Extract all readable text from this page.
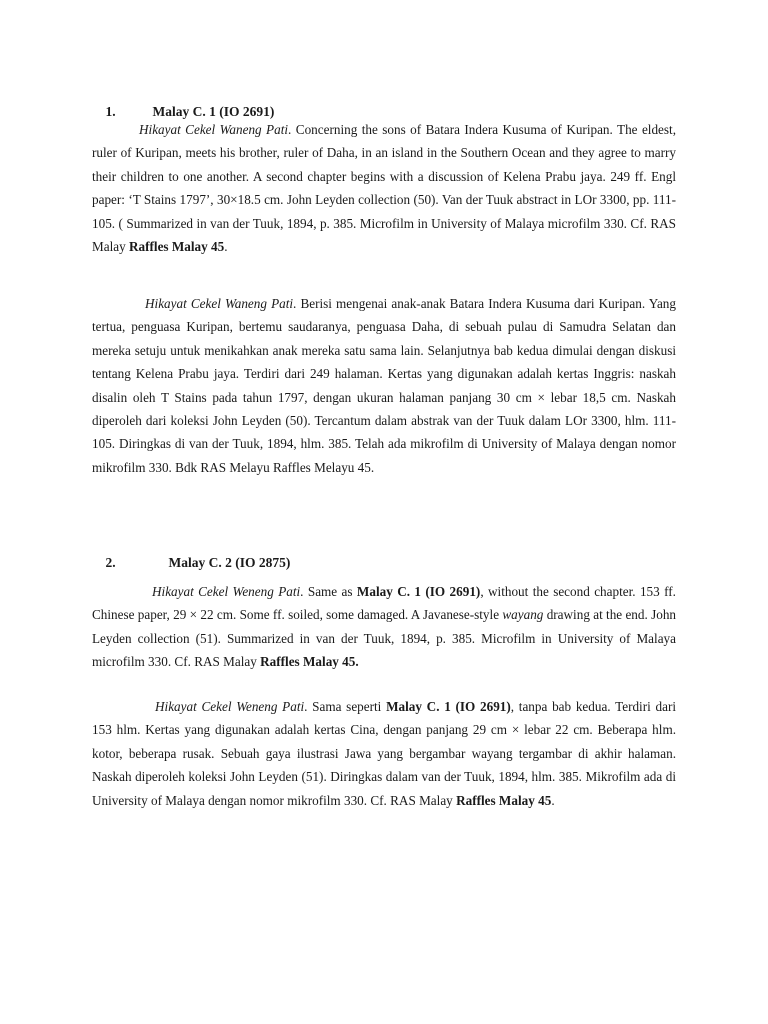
1.	Malay C. 1 (IO 2691)

Hikayat Cekel Waneng Pati. Concerning the sons of Batara Indera Kusuma of Kuripan. The eldest, ruler of Kuripan, meets his brother, ruler of Daha, in an island in the Southern Ocean and they agree to marry their children to one another. A second chapter begins with a discussion of Kelena Prabu jaya. 249 ff. Engl paper: ‘T Stains 1797’, 30×18.5 cm. John Leyden collection (50). Van der Tuuk abstract in LOr 3300, pp. 111-105. ( Summarized in van der Tuuk, 1894, p. 385. Microfilm in University of Malaya microfilm 330. Cf. RAS Malay Raffles Malay 45.

Hikayat Cekel Waneng Pati. Berisi mengenai anak-anak Batara Indera Kusuma dari Kuripan. Yang tertua, penguasa Kuripan, bertemu saudaranya, penguasa Daha, di sebuah pulau di Samudra Selatan dan mereka setuju untuk menikahkan anak mereka satu sama lain. Selanjutnya bab kedua dimulai dengan diskusi tentang Kelena Prabu jaya. Terdiri dari 249 halaman. Kertas yang digunakan adalah kertas Inggris: naskah disalin oleh T Stains pada tahun 1797, dengan ukuran halaman panjang 30 cm × lebar 18,5 cm. Naskah diperoleh dari koleksi John Leyden (50). Tercantum dalam abstrak van der Tuuk dalam LOr 3300, hlm. 111-105. Diringkas di van der Tuuk, 1894, hlm. 385. Telah ada mikrofilm di University of Malaya dengan nomor mikrofilm 330. Bdk RAS Melayu Raffles Melayu 45.

2.	Malay C. 2 (IO 2875)

Hikayat Cekel Weneng Pati. Same as Malay C. 1 (IO 2691), without the second chapter. 153 ff. Chinese paper, 29 × 22 cm. Some ff. soiled, some damaged. A Javanese-style wayang drawing at the end. John Leyden collection (51). Summarized in van der Tuuk, 1894, p. 385. Microfilm in University of Malaya microfilm 330. Cf. RAS Malay Raffles Malay 45.

Hikayat Cekel Weneng Pati. Sama seperti Malay C. 1 (IO 2691), tanpa bab kedua. Terdiri dari 153 hlm. Kertas yang digunakan adalah kertas Cina, dengan panjang 29 cm × lebar 22 cm. Beberapa hlm. kotor, beberapa rusak. Sebuah gaya ilustrasi Jawa yang bergambar wayang tergambar di akhir halaman. Naskah diperoleh koleksi John Leyden (51). Diringkas dalam van der Tuuk, 1894, hlm. 385. Mikrofilm ada di University of Malaya dengan nomor mikrofilm 330. Cf. RAS Malay Raffles Malay 45.
